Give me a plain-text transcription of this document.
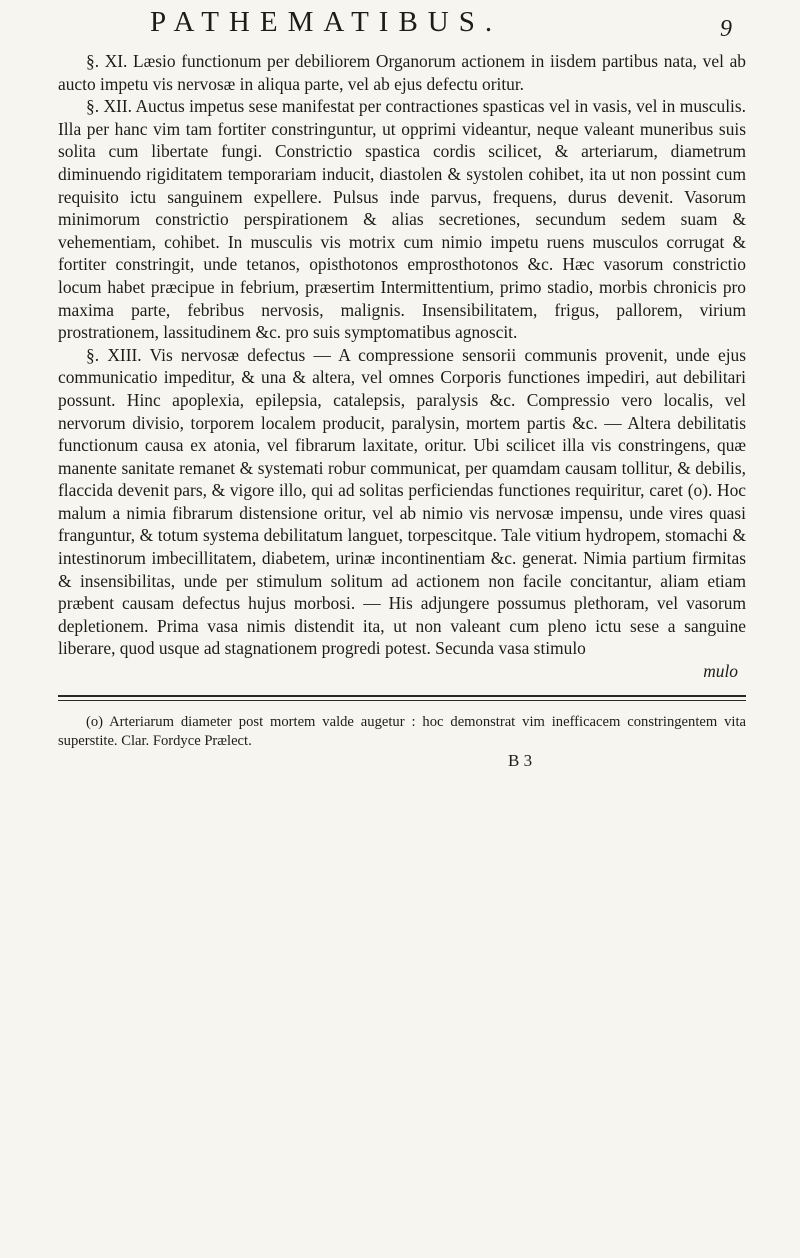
PATHEMATIBUS.	9

§. XI. Læsio functionum per debiliorem Organorum actionem in iisdem partibus nata, vel ab aucto impetu vis nervosæ in aliqua parte, vel ab ejus defectu oritur.

§. XII. Auctus impetus sese manifestat per contractiones spasticas vel in vasis, vel in musculis. Illa per hanc vim tam fortiter constringuntur, ut opprimi videantur, neque valeant muneribus suis solita cum libertate fungi. Constrictio spastica cordis scilicet, & arteriarum, diametrum diminuendo rigiditatem temporariam inducit, diastolen & systolen cohibet, ita ut non possint cum requisito ictu sanguinem expellere. Pulsus inde parvus, frequens, durus devenit. Vasorum minimorum constrictio perspirationem & alias secretiones, secundum sedem suam & vehementiam, cohibet. In musculis vis motrix cum nimio impetu ruens musculos corrugat & fortiter constringit, unde tetanos, opisthotonos emprosthotonos &c. Hæc vasorum constrictio locum habet præcipue in febrium, præsertim Intermittentium, primo stadio, morbis chronicis pro maxima parte, febribus nervosis, malignis. Insensibilitatem, frigus, pallorem, virium prostrationem, lassitudinem &c. pro suis symptomatibus agnoscit.

§. XIII. Vis nervosæ defectus — A compressione sensorii communis provenit, unde ejus communicatio impeditur, & una & altera, vel omnes Corporis functiones impediri, aut debilitari possunt. Hinc apoplexia, epilepsia, catalepsis, paralysis &c. Compressio vero localis, vel nervorum divisio, torporem localem producit, paralysin, mortem partis &c. — Altera debilitatis functionum causa ex atonia, vel fibrarum laxitate, oritur. Ubi scilicet illa vis constringens, quæ manente sanitate remanet & systemati robur communicat, per quamdam causam tollitur, & debilis, flaccida devenit pars, & vigore illo, qui ad solitas perficiendas functiones requiritur, caret (o). Hoc malum a nimia fibrarum distensione oritur, vel ab nimio vis nervosæ impensu, unde vires quasi franguntur, & totum systema debilitatum languet, torpescitque. Tale vitium hydropem, stomachi & intestinorum imbecillitatem, diabetem, urinæ incontinentiam &c. generat. Nimia partium firmitas & insensibilitas, unde per stimulum solitum ad actionem non facile concitantur, aliam etiam præbent causam defectus hujus morbosi. — His adjungere possumus plethoram, vel vasorum depletionem. Prima vasa nimis distendit ita, ut non valeant cum pleno ictu sese a sanguine liberare, quod usque ad stagnationem progredi potest. Secunda vasa stimulo

mulo
(o) Arteriarum diameter post mortem valde augetur : hoc demonstrat vim inefficacem constringentem vita superstite. Clar. Fordyce Prælect.
B 3
